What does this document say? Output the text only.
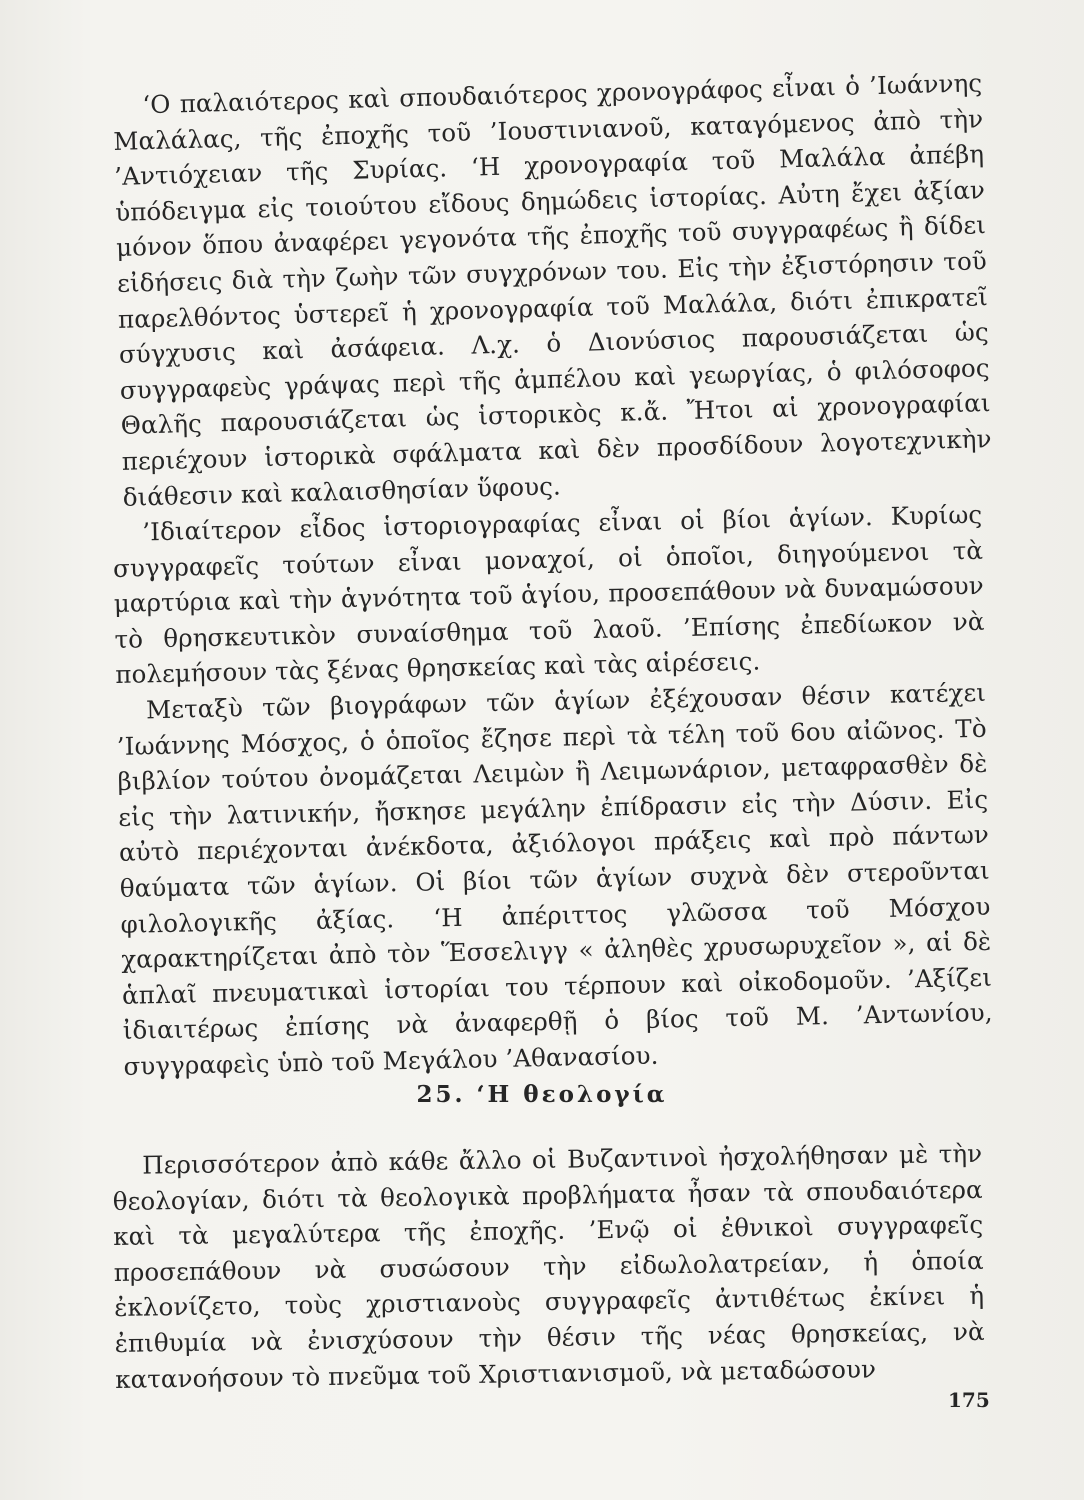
‘Ο παλαιότερος καὶ σπουδαιότερος χρονογράφος εἶναι ὁ ’Ιωάννης Μαλάλας, τῆς ἐποχῆς τοῦ ’Ιουστινιανοῦ, καταγόμενος ἀπὸ τὴν ’Αντιόχειαν τῆς Συρίας. ‘Η χρονογραφία τοῦ Μαλάλα ἀπέβη ὑπόδειγμα εἰς τοιούτου εἴδους δημώδεις ἱστορίας. Αὐτη ἔχει ἀξίαν μόνον ὅπου ἀναφέρει γεγονότα τῆς ἐποχῆς τοῦ συγγραφέως ἢ δίδει εἰδήσεις διὰ τὴν ζωὴν τῶν συγχρόνων του. Εἰς τὴν ἐξιστόρησιν τοῦ παρελθόντος ὑστερεῖ ἡ χρονογραφία τοῦ Μαλάλα, διότι ἐπικρατεῖ σύγχυσις καὶ ἀσάφεια. Λ.χ. ὁ Διονύσιος παρουσιάζεται ὡς συγγραφεὺς γράψας περὶ τῆς ἀμπέλου καὶ γεωργίας, ὁ φιλόσοφος Θαλῆς παρουσιάζεται ὡς ἱστορικὸς κ.ἄ. Ἤτοι αἱ χρονογραφίαι περιέχουν ἱστορικὰ σφάλματα καὶ δὲν προσδίδουν λογοτεχνικὴν διάθεσιν καὶ καλαισθησίαν ὕφους.

’Ιδιαίτερον εἶδος ἱστοριογραφίας εἶναι οἱ βίοι ἁγίων. Κυρίως συγγραφεῖς τούτων εἶναι μοναχοί, οἱ ὁποῖοι, διηγούμενοι τὰ μαρτύρια καὶ τὴν ἁγνότητα τοῦ ἁγίου, προσεπάθουν νὰ δυναμώσουν τὸ θρησκευτικὸν συναίσθημα τοῦ λαοῦ. ’Επίσης ἐπεδίωκον νὰ πολεμήσουν τὰς ξένας θρησκείας καὶ τὰς αἱρέσεις.

Μεταξὺ τῶν βιογράφων τῶν ἁγίων ἐξέχουσαν θέσιν κατέχει ’Ιωάννης Μόσχος, ὁ ὁποῖος ἔζησε περὶ τὰ τέλη τοῦ 6ου αἰῶνος. Τὸ βιβλίον τούτου ὀνομάζεται Λειμὼν ἢ Λειμωνάριον, μεταφρασθὲν δὲ εἰς τὴν λατινικήν, ἤσκησε μεγάλην ἐπίδρασιν εἰς τὴν Δύσιν. Εἰς αὐτὸ περιέχονται ἀνέκδοτα, ἀξιόλογοι πράξεις καὶ πρὸ πάντων θαύματα τῶν ἁγίων. Οἱ βίοι τῶν ἁγίων συχνὰ δὲν στεροῦνται φιλολογικῆς ἀξίας. ‘Η ἀπέριττος γλῶσσα τοῦ Μόσχου χαρακτηρίζεται ἀπὸ τὸν Ἕσσελιγγ « ἀληθὲς χρυσωρυχεῖον », αἱ δὲ ἁπλαῖ πνευματικαὶ ἱστορίαι του τέρπουν καὶ οἰκοδομοῦν. ’Αξίζει ἰδιαιτέρως ἐπίσης νὰ ἀναφερθῇ ὁ βίος τοῦ Μ. ’Αντωνίου, συγγραφεὶς ὑπὸ τοῦ Μεγάλου ’Αθανασίου.

25. ‘Η θεολογία

Περισσότερον ἀπὸ κάθε ἄλλο οἱ Βυζαντινοὶ ἠσχολήθησαν μὲ τὴν θεολογίαν, διότι τὰ θεολογικὰ προβλήματα ἦσαν τὰ σπουδαιότερα καὶ τὰ μεγαλύτερα τῆς ἐποχῆς. ’Ενῷ οἱ ἐθνικοὶ συγγραφεῖς προσεπάθουν νὰ συσώσουν τὴν εἰδωλολατρείαν, ἡ ὁποία ἐκλονίζετο, τοὺς χριστιανοὺς συγγραφεῖς ἀντιθέτως ἐκίνει ἡ ἐπιθυμία νὰ ἐνισχύσουν τὴν θέσιν τῆς νέας θρησκείας, νὰ κατανοήσουν τὸ πνεῦμα τοῦ Χριστιανισμοῦ, νὰ μεταδώσουν

175
